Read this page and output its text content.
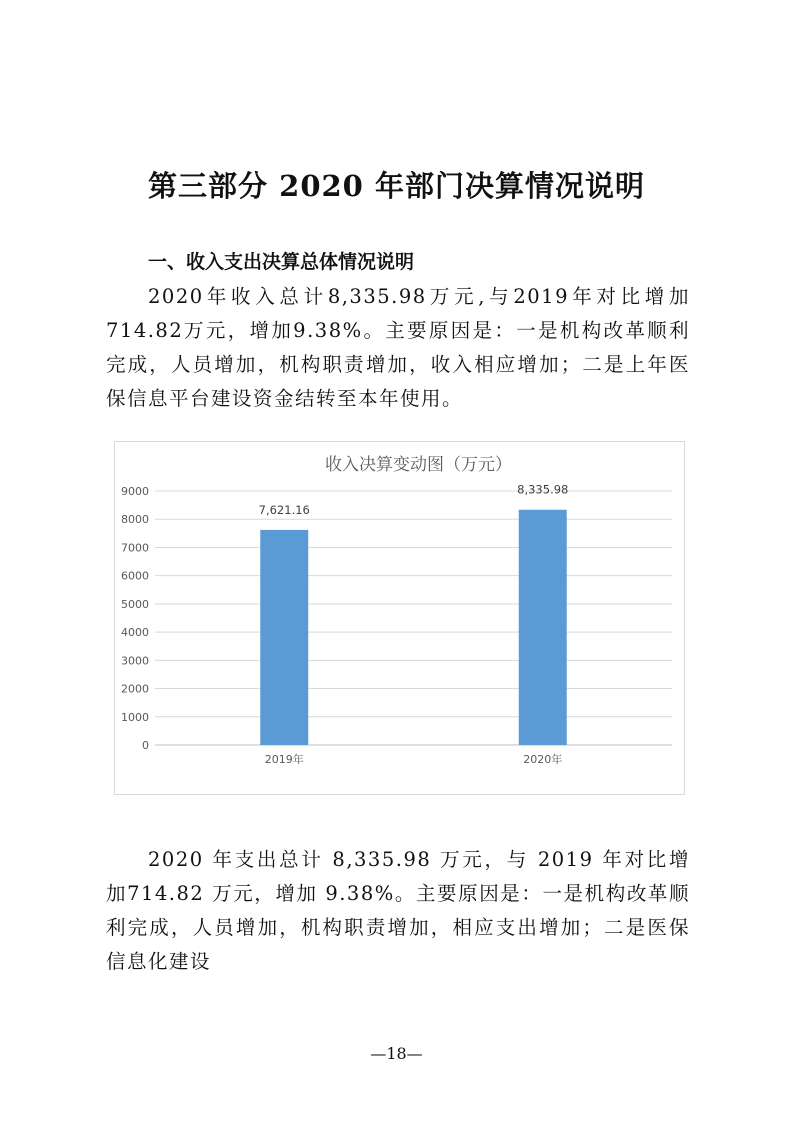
第三部分 2020 年部门决算情况说明
一、收入支出决算总体情况说明
2020年收入总计8,335.98万元,与2019年对比增加714.82万元，增加9.38%。主要原因是：一是机构改革顺利完成，人员增加，机构职责增加，收入相应增加；二是上年医保信息平台建设资金结转至本年使用。
收入决算变动图（万元）
0
1000
2000
3000
4000
5000
6000
7000
8000
9000
7,621.16
2019年
8,335.98
2020年
2020 年支出总计 8,335.98 万元，与 2019 年对比增加714.82 万元，增加 9.38%。主要原因是：一是机构改革顺利完成，人员增加，机构职责增加，相应支出增加；二是医保信息化建设
—18—
